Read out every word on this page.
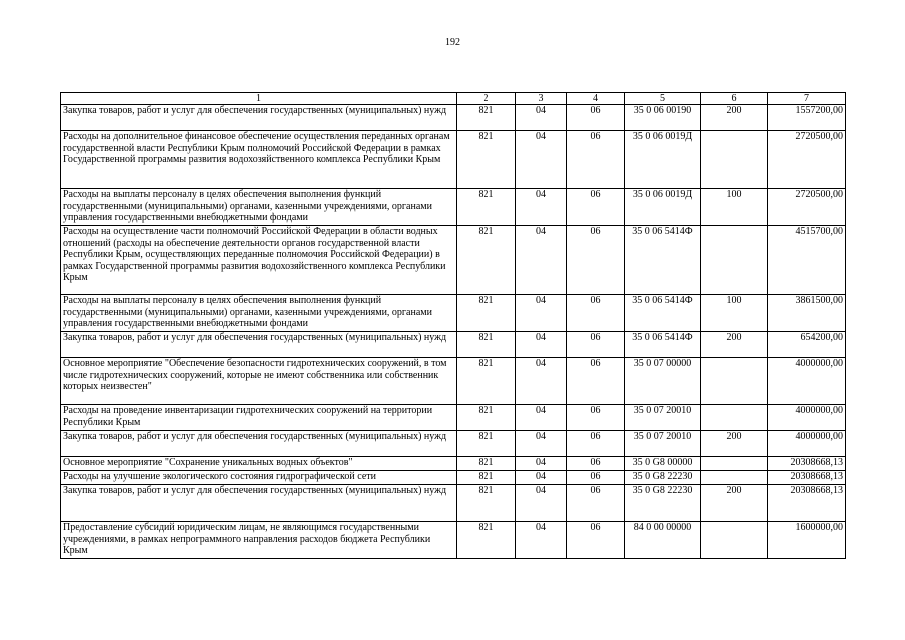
192
1	2	3	4	5	6	7
Закупка товаров, работ и услуг для обеспечения государственных (муниципальных) нужд	821	04	06	35 0 06 00190	200	1557200,00
Расходы на дополнительное финансовое обеспечение осуществления переданных органам государственной власти Республики Крым полномочий Российской Федерации в рамках Государственной программы развития водохозяйственного комплекса Республики Крым	821	04	06	35 0 06 0019Д		2720500,00
Расходы на выплаты персоналу в целях обеспечения выполнения функций государственными (муниципальными) органами, казенными учреждениями, органами управления государственными внебюджетными фондами	821	04	06	35 0 06 0019Д	100	2720500,00
Расходы на осуществление части полномочий Российской Федерации в области водных отношений (расходы на обеспечение деятельности органов государственной власти Республики Крым, осуществляющих переданные полномочия Российской Федерации) в рамках Государственной программы развития водохозяйственного комплекса Республики Крым	821	04	06	35 0 06 5414Ф		4515700,00
Расходы на выплаты персоналу в целях обеспечения выполнения функций государственными (муниципальными) органами, казенными учреждениями, органами управления государственными внебюджетными фондами	821	04	06	35 0 06 5414Ф	100	3861500,00
Закупка товаров, работ и услуг для обеспечения государственных (муниципальных) нужд	821	04	06	35 0 06 5414Ф	200	654200,00
Основное мероприятие "Обеспечение безопасности гидротехнических сооружений, в том числе гидротехнических сооружений, которые не имеют собственника или собственник которых неизвестен"	821	04	06	35 0 07 00000		4000000,00
Расходы на проведение инвентаризации гидротехнических сооружений на территории Республики Крым	821	04	06	35 0 07 20010		4000000,00
Закупка товаров, работ и услуг для обеспечения государственных (муниципальных) нужд	821	04	06	35 0 07 20010	200	4000000,00
Основное мероприятие "Сохранение уникальных водных объектов"	821	04	06	35 0 G8 00000		20308668,13
Расходы на улучшение экологического состояния гидрографической сети	821	04	06	35 0 G8 22230		20308668,13
Закупка товаров, работ и услуг для обеспечения государственных (муниципальных) нужд	821	04	06	35 0 G8 22230	200	20308668,13
Предоставление субсидий юридическим лицам, не являющимся государственными учреждениями, в рамках непрограммного направления расходов бюджета Республики Крым	821	04	06	84 0 00 00000		1600000,00
